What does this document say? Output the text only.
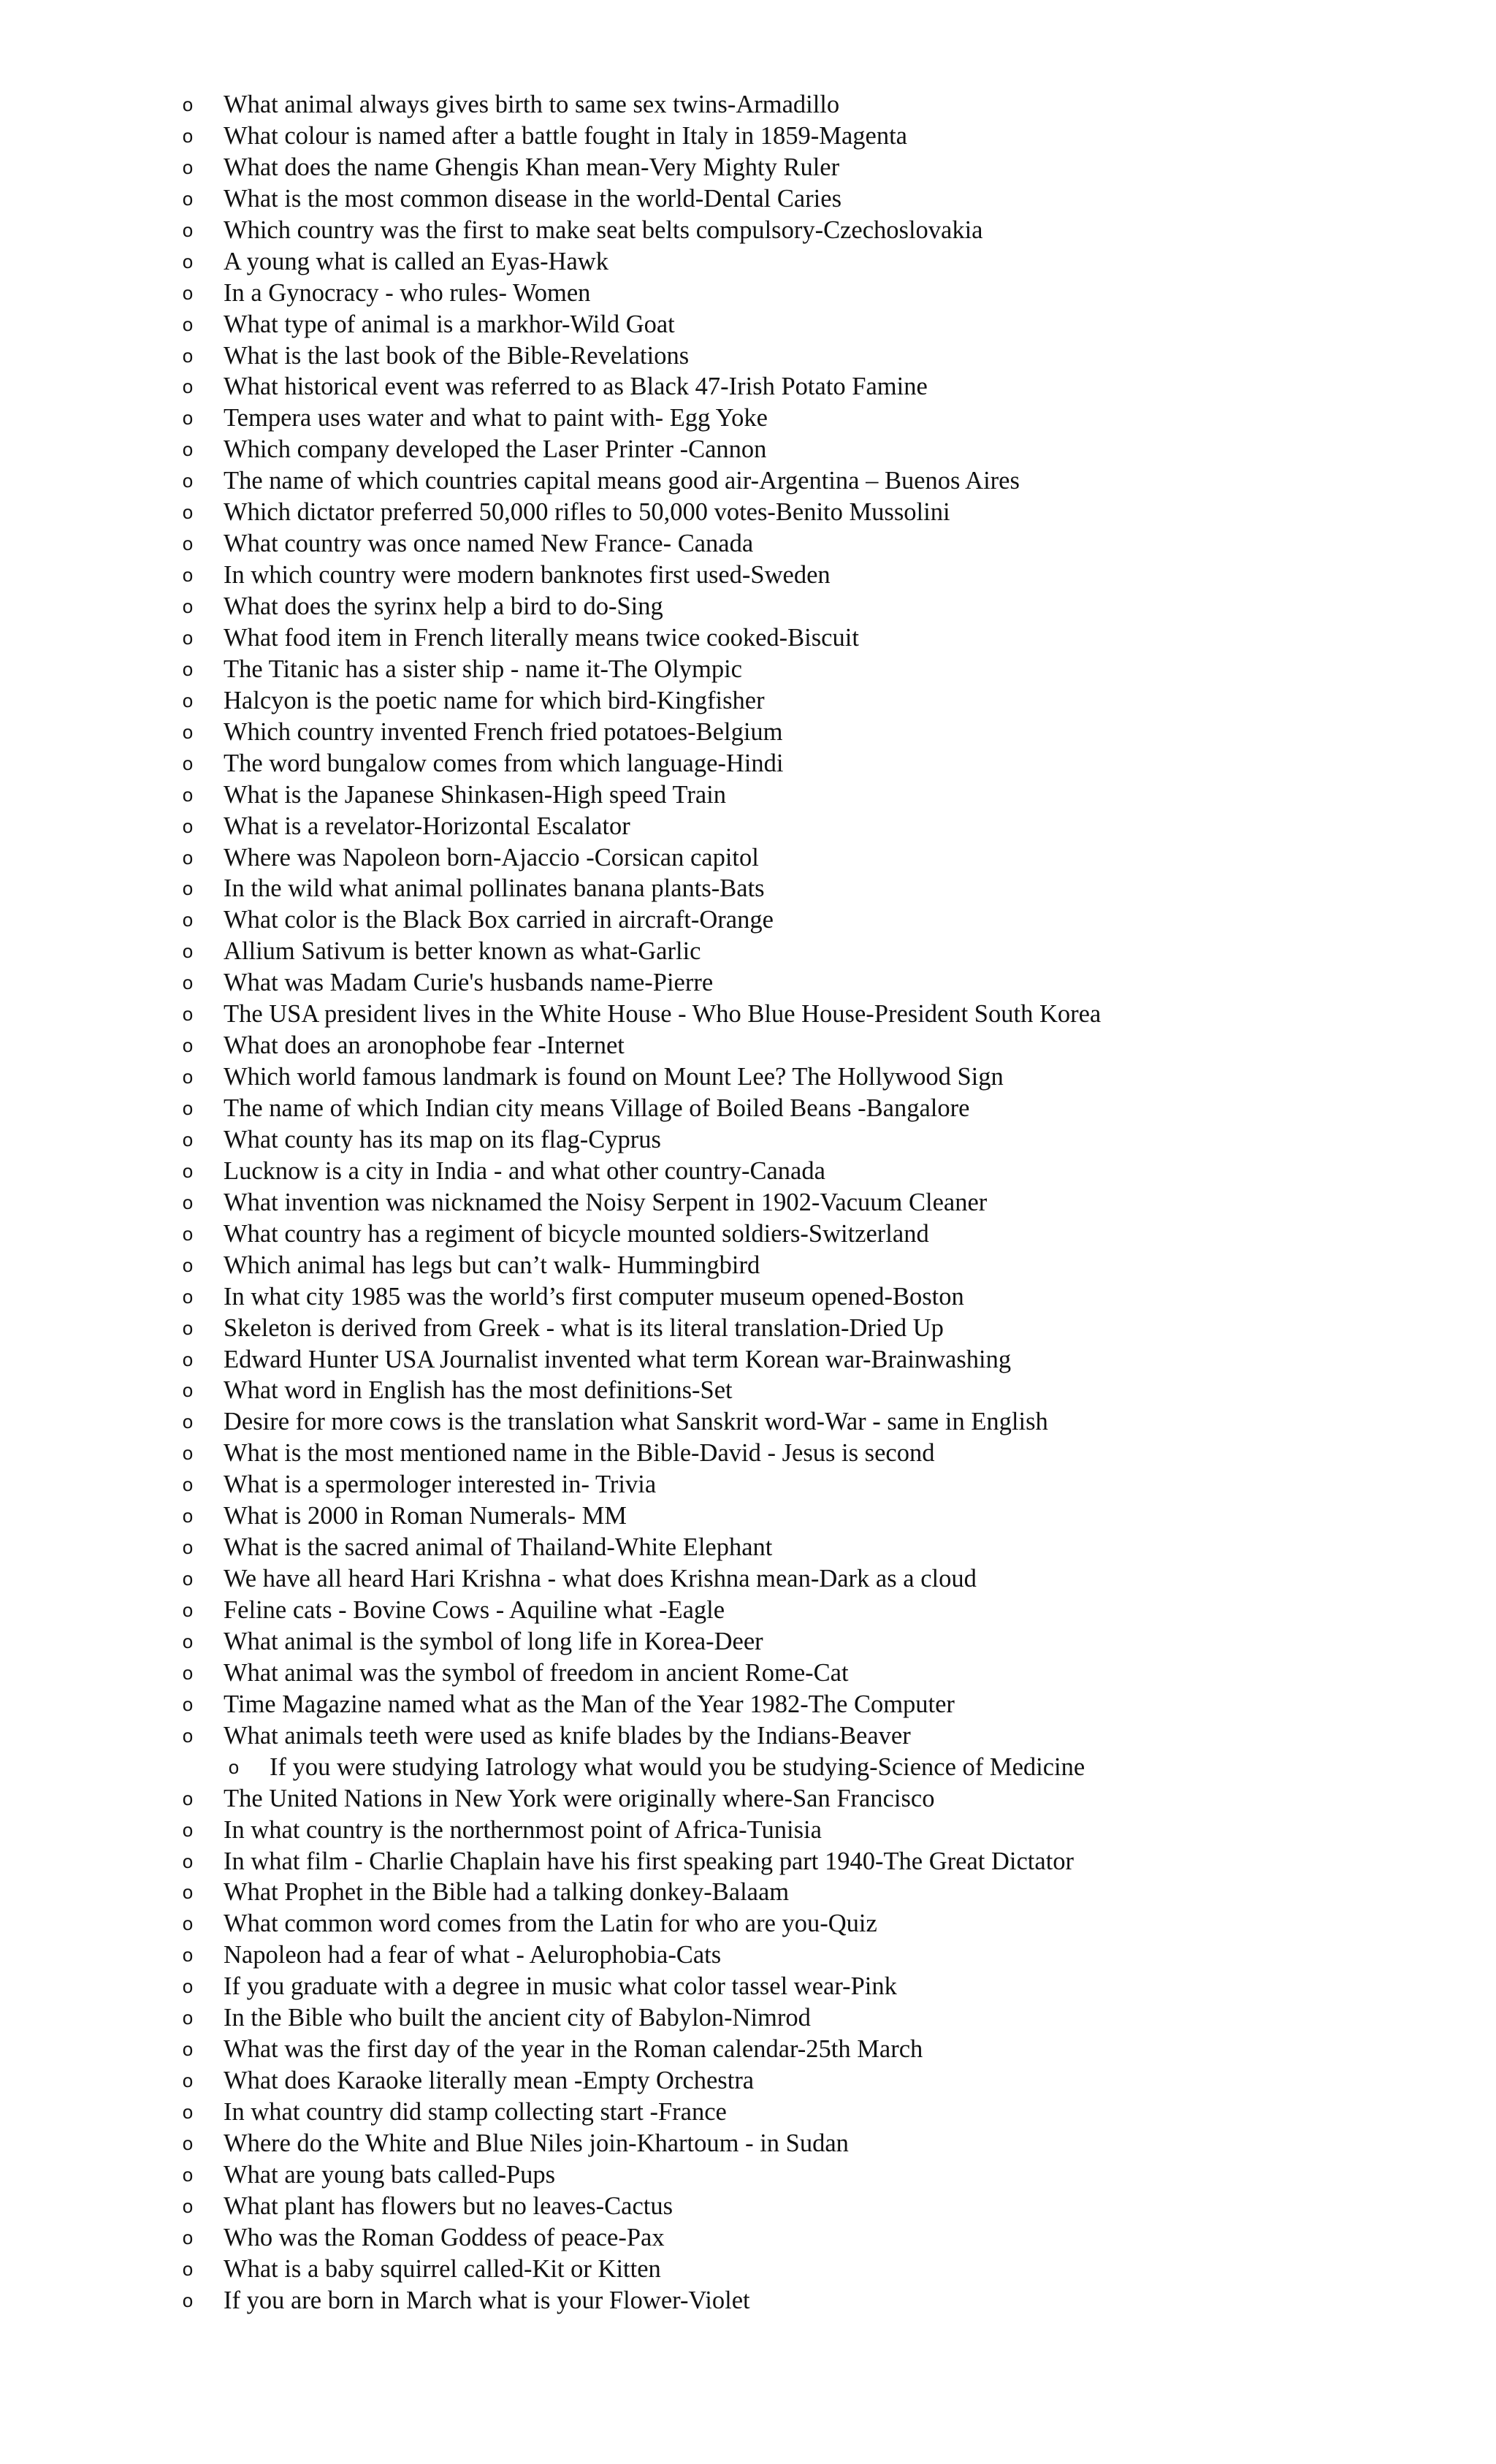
o What animal always gives birth to same sex twins-Armadillo
o What colour is named after a battle fought in Italy in 1859-Magenta
o What does the name Ghengis Khan mean-Very Mighty Ruler
o What is the most common disease in the world-Dental Caries
o Which country was the first to make seat belts compulsory-Czechoslovakia
o A young what is called an Eyas-Hawk
o In a Gynocracy - who rules- Women
o What type of animal is a markhor-Wild Goat
o What is the last book of the Bible-Revelations
o What historical event was referred to as Black 47-Irish Potato Famine
o Tempera uses water and what to paint with- Egg Yoke
o Which company developed the Laser Printer -Cannon
o The name of which countries capital means good air-Argentina – Buenos Aires
o Which dictator preferred 50,000 rifles to 50,000 votes-Benito Mussolini
o What country was once named New France- Canada
o In which country were modern banknotes first used-Sweden
o What does the syrinx help a bird to do-Sing
o What food item in French literally means twice cooked-Biscuit
o The Titanic has a sister ship - name it-The Olympic
o Halcyon is the poetic name for which bird-Kingfisher
o Which country invented French fried potatoes-Belgium
o The word bungalow comes from which language-Hindi
o What is the Japanese Shinkasen-High speed Train
o What is a revelator-Horizontal Escalator
o Where was Napoleon born-Ajaccio -Corsican capitol
o In the wild what animal pollinates banana plants-Bats
o What color is the Black Box carried in aircraft-Orange
o Allium Sativum is better known as what-Garlic
o What was Madam Curie's husbands name-Pierre
o The USA president lives in the White House - Who Blue House-President South Korea
o What does an aronophobe fear -Internet
o Which world famous landmark is found on Mount Lee? The Hollywood Sign
o The name of which Indian city means Village of Boiled Beans -Bangalore
o What county has its map on its flag-Cyprus
o Lucknow is a city in India - and what other country-Canada
o What invention was nicknamed the Noisy Serpent in 1902-Vacuum Cleaner
o What country has a regiment of bicycle mounted soldiers-Switzerland
o Which animal has legs but can’t walk- Hummingbird
o In what city 1985 was the world’s first computer museum opened-Boston
o Skeleton is derived from Greek - what is its literal translation-Dried Up
o Edward Hunter USA Journalist invented what term Korean war-Brainwashing
o What word in English has the most definitions-Set
o Desire for more cows is the translation what Sanskrit word-War - same in English
o What is the most mentioned name in the Bible-David - Jesus is second
o What is a spermologer interested in- Trivia
o What is 2000 in Roman Numerals- MM
o What is the sacred animal of Thailand-White Elephant
o We have all heard Hari Krishna - what does Krishna mean-Dark as a cloud
o Feline cats - Bovine Cows - Aquiline what -Eagle
o What animal is the symbol of long life in Korea-Deer
o What animal was the symbol of freedom in ancient Rome-Cat
o Time Magazine named what as the Man of the Year 1982-The Computer
o What animals teeth were used as knife blades by the Indians-Beaver
o If you were studying Iatrology what would you be studying-Science of Medicine
o The United Nations in New York were originally where-San Francisco
o In what country is the northernmost point of Africa-Tunisia
o In what film - Charlie Chaplain have his first speaking part 1940-The Great Dictator
o What Prophet in the Bible had a talking donkey-Balaam
o What common word comes from the Latin for who are you-Quiz
o Napoleon had a fear of what - Aelurophobia-Cats
o If you graduate with a degree in music what color tassel wear-Pink
o In the Bible who built the ancient city of Babylon-Nimrod
o What was the first day of the year in the Roman calendar-25th March
o What does Karaoke literally mean -Empty Orchestra
o In what country did stamp collecting start -France
o Where do the White and Blue Niles join-Khartoum - in Sudan
o What are young bats called-Pups
o What plant has flowers but no leaves-Cactus
o Who was the Roman Goddess of peace-Pax
o What is a baby squirrel called-Kit or Kitten
o If you are born in March what is your Flower-Violet
